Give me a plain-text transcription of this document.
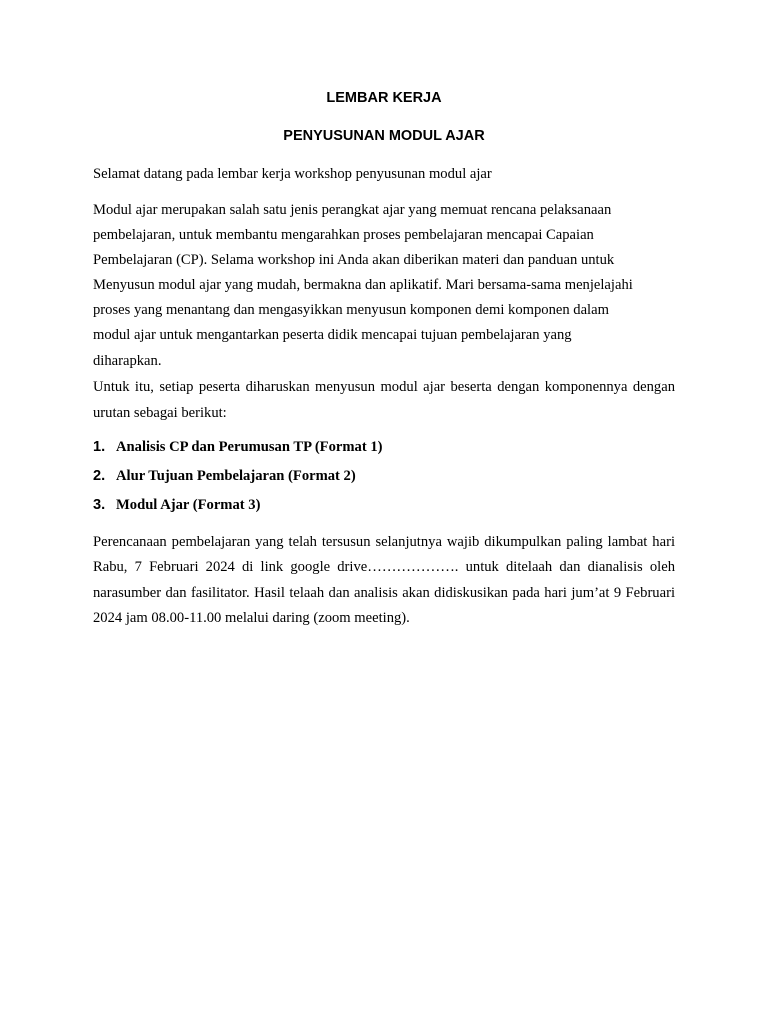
LEMBAR KERJA
PENYUSUNAN MODUL AJAR

Selamat datang pada lembar kerja workshop penyusunan modul ajar

Modul ajar merupakan salah satu jenis perangkat ajar yang memuat rencana pelaksanaan
pembelajaran, untuk membantu mengarahkan proses pembelajaran mencapai Capaian
Pembelajaran (CP). Selama workshop ini Anda akan diberikan materi dan panduan untuk
Menyusun modul ajar yang mudah, bermakna dan aplikatif. Mari bersama-sama menjelajahi
proses yang menantang dan mengasyikkan menyusun komponen demi komponen dalam
modul ajar untuk mengantarkan peserta didik mencapai tujuan pembelajaran yang
diharapkan.

Untuk itu, setiap peserta diharuskan menyusun modul ajar beserta dengan komponennya dengan urutan sebagai berikut:

1. Analisis CP dan Perumusan TP (Format 1)
2. Alur Tujuan Pembelajaran (Format 2)
3. Modul Ajar (Format 3)

Perencanaan pembelajaran yang telah tersusun selanjutnya wajib dikumpulkan paling lambat hari Rabu, 7 Februari 2024 di link google drive………………. untuk ditelaah dan dianalisis oleh narasumber dan fasilitator. Hasil telaah dan analisis akan didiskusikan pada hari jum’at 9 Februari 2024 jam 08.00-11.00 melalui daring (zoom meeting).
